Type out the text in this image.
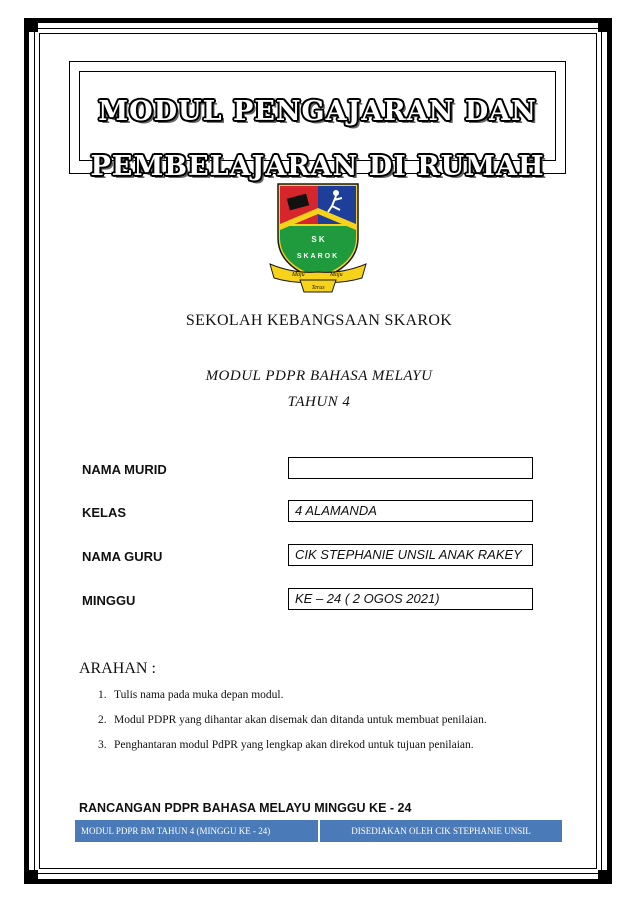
MODUL PENGAJARAN DAN
PEMBELAJARAN DI RUMAH
S K
SKAROK
Maju	Maju
Terus
SEKOLAH KEBANGSAAN SKAROK
MODUL PDPR BAHASA MELAYU
TAHUN 4
NAMA MURID
KELAS	4 ALAMANDA
NAMA GURU	CIK STEPHANIE UNSIL ANAK RAKEY
MINGGU	KE – 24 ( 2 OGOS 2021)
ARAHAN :
1. Tulis nama pada muka depan modul.
2. Modul PDPR yang dihantar akan disemak dan ditanda untuk membuat penilaian.
3. Penghantaran modul PdPR yang lengkap akan direkod untuk tujuan penilaian.
RANCANGAN PDPR BAHASA MELAYU MINGGU KE - 24
MODUL PDPR BM TAHUN 4 (MINGGU KE - 24)	DISEDIAKAN OLEH CIK STEPHANIE UNSIL
